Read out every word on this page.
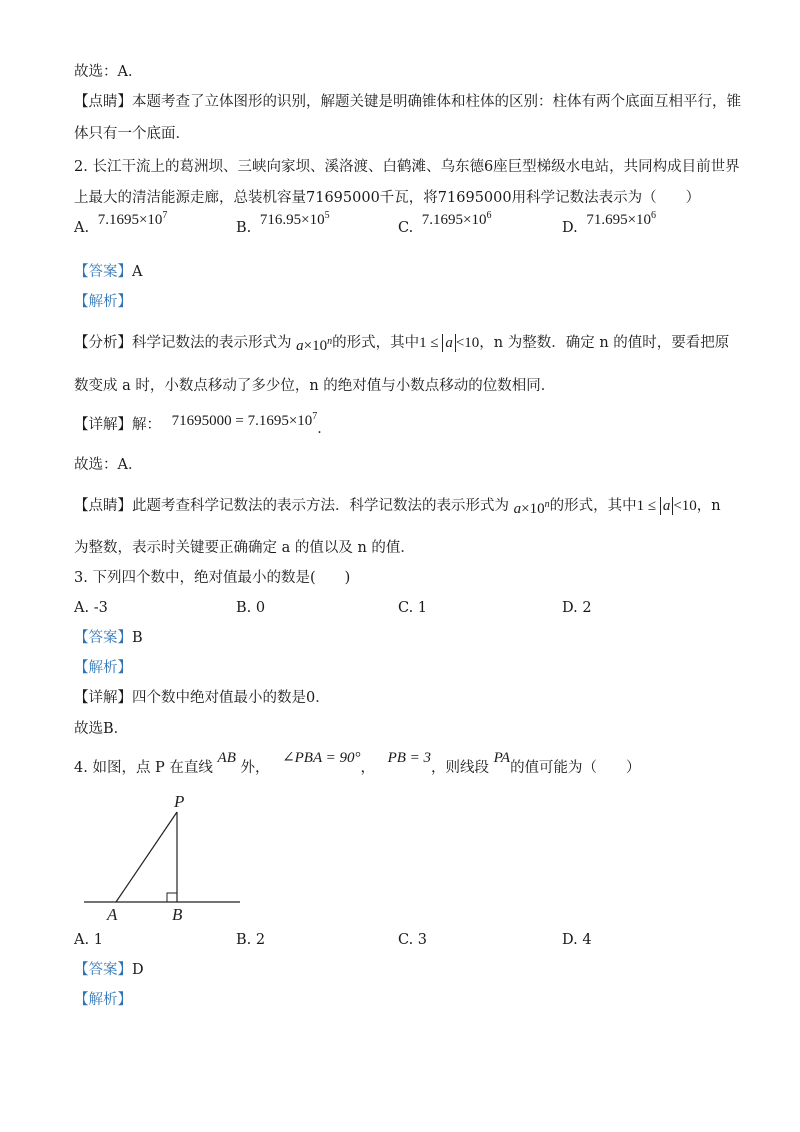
故选：A．
【点睛】本题考查了立体图形的识别，解题关键是明确锥体和柱体的区别：柱体有两个底面互相平行，锥
体只有一个底面．
2. 长江干流上的葛洲坝、三峡向家坝、溪洛渡、白鹤滩、乌东德6座巨型梯级水电站，共同构成目前世界
上最大的清洁能源走廊，总装机容量71695000千瓦，将71695000用科学记数法表示为（　　）
A. $7.1695\times 10^7$
B. $716.95\times 10^5$
C. $7.1695\times 10^6$
D. $71.695\times 10^6$
【答案】A
【解析】
【分析】科学记数法的表示形式为 $a\times 10^n$的形式，其中1 ≤ a <10，n 为整数．确定 n 的值时，要看把原
数变成 a 时，小数点移动了多少位，n 的绝对值与小数点移动的位数相同．
【详解】解： $71695000 = 7.1695\times 10^7$．
故选：A．
【点睛】此题考查科学记数法的表示方法．科学记数法的表示形式为 $a\times 10^n$的形式，其中1 ≤ a <10，n
为整数，表示时关键要正确确定 a 的值以及 n 的值．
3. 下列四个数中，绝对值最小的数是(　　)
A. -3	B. 0	C. 1	D. 2
【答案】B
【解析】
【详解】四个数中绝对值最小的数是0．
故选B．
4. 如图，点 P 在直线 AB 外， ∠PBA = 90°， PB = 3，则线段 PA的值可能为（　　）
P
A	B
A. 1	B. 2	C. 3	D. 4
【答案】D
【解析】
